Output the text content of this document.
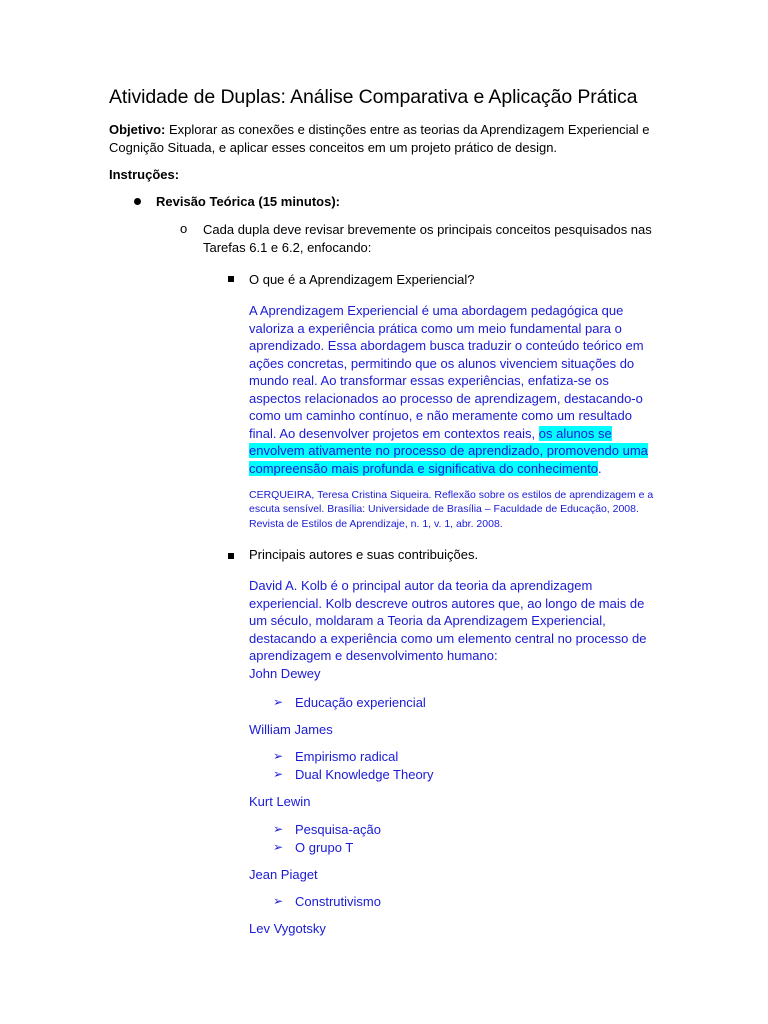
Atividade de Duplas: Análise Comparativa e Aplicação Prática
Objetivo: Explorar as conexões e distinções entre as teorias da Aprendizagem Experiencial e
Cognição Situada, e aplicar esses conceitos em um projeto prático de design.
Instruções:
Revisão Teórica (15 minutos):
o Cada dupla deve revisar brevemente os principais conceitos pesquisados nas
Tarefas 6.1 e 6.2, enfocando:
O que é a Aprendizagem Experiencial?
A Aprendizagem Experiencial é uma abordagem pedagógica que
valoriza a experiência prática como um meio fundamental para o
aprendizado. Essa abordagem busca traduzir o conteúdo teórico em
ações concretas, permitindo que os alunos vivenciem situações do
mundo real. Ao transformar essas experiências, enfatiza-se os
aspectos relacionados ao processo de aprendizagem, destacando-o
como um caminho contínuo, e não meramente como um resultado
final. Ao desenvolver projetos em contextos reais, os alunos se
envolvem ativamente no processo de aprendizado, promovendo uma
compreensão mais profunda e significativa do conhecimento.
CERQUEIRA, Teresa Cristina Siqueira. Reflexão sobre os estilos de aprendizagem e a
escuta sensível. Brasília: Universidade de Brasília – Faculdade de Educação, 2008.
Revista de Estilos de Aprendizaje, n. 1, v. 1, abr. 2008.
Principais autores e suas contribuições.
David A. Kolb é o principal autor da teoria da aprendizagem
experiencial. Kolb descreve outros autores que, ao longo de mais de
um século, moldaram a Teoria da Aprendizagem Experiencial,
destacando a experiência como um elemento central no processo de
aprendizagem e desenvolvimento humano:
John Dewey
➢ Educação experiencial
William James
➢ Empirismo radical
➢ Dual Knowledge Theory
Kurt Lewin
➢ Pesquisa-ação
➢ O grupo T
Jean Piaget
➢ Construtivismo
Lev Vygotsky
